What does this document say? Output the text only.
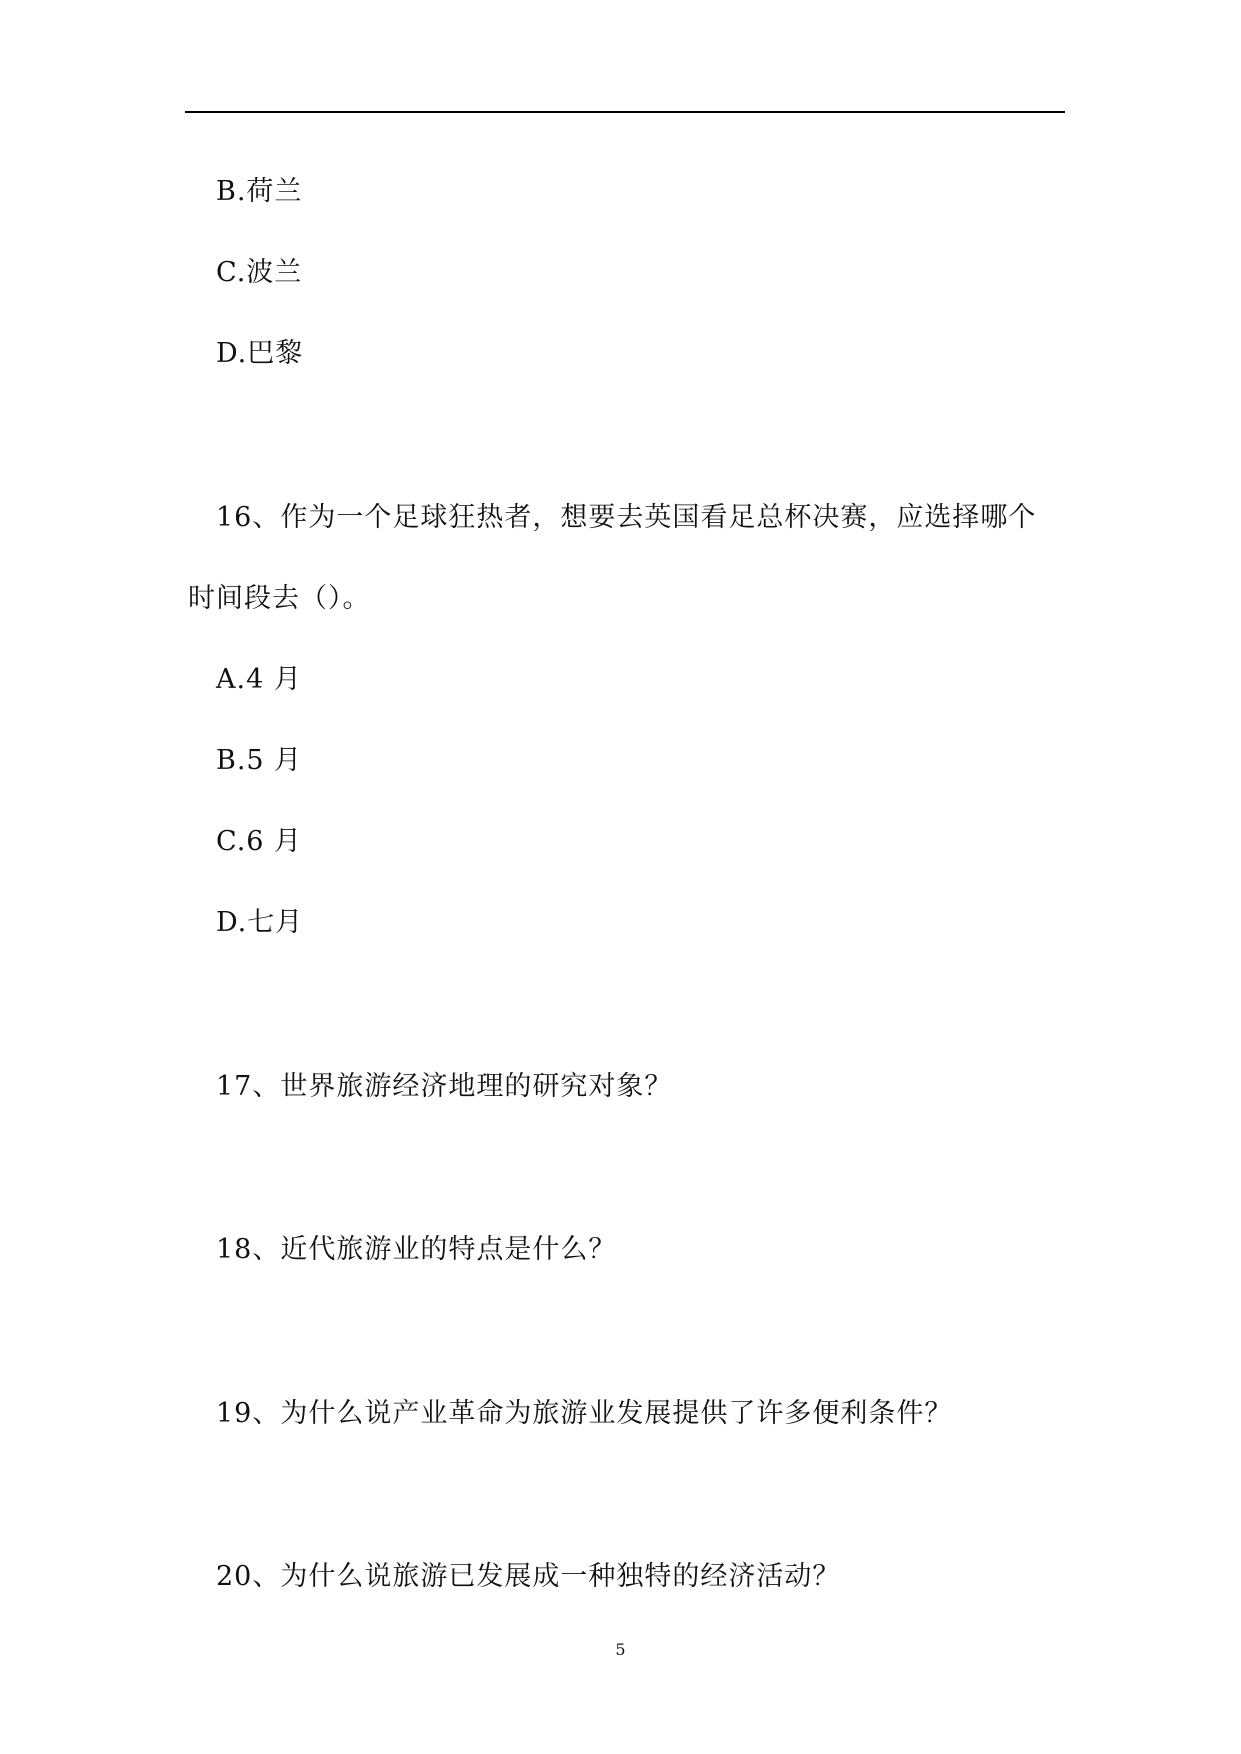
B.荷兰
C.波兰
D.巴黎
16、作为一个足球狂热者，想要去英国看足总杯决赛，应选择哪个
时间段去（）。
A.4 月
B.5 月
C.6 月
D.七月
17、世界旅游经济地理的研究对象？
18、近代旅游业的特点是什么？
19、为什么说产业革命为旅游业发展提供了许多便利条件？
20、为什么说旅游已发展成一种独特的经济活动？
5
